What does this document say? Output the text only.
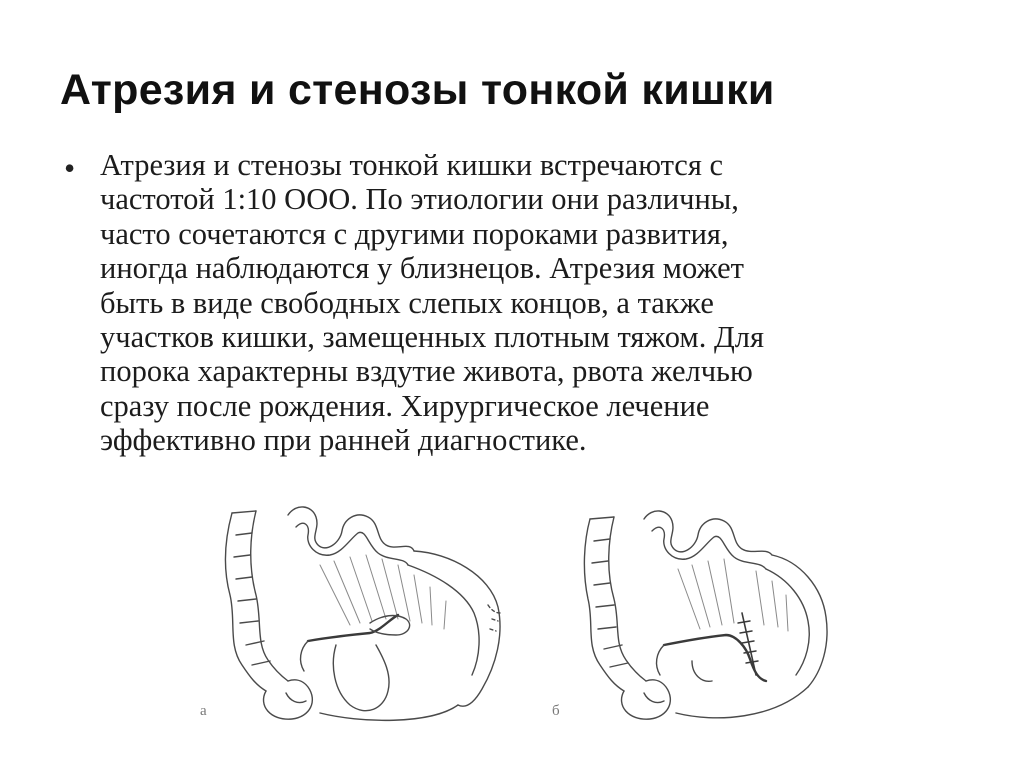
Атрезия и стенозы тонкой кишки
• Атрезия и стенозы тонкой кишки встречаются с
частотой 1:10 ООО. По этиологии они различны,
часто сочетаются с другими пороками развития,
иногда наблюдаются у близнецов. Атрезия может
быть в виде свободных слепых концов, а также
участков кишки, замещенных плотным тяжом. Для
порока характерны вздутие живота, рвота желчью
сразу после рождения. Хирургическое лечение
эффективно при ранней диагностике.
а	б
